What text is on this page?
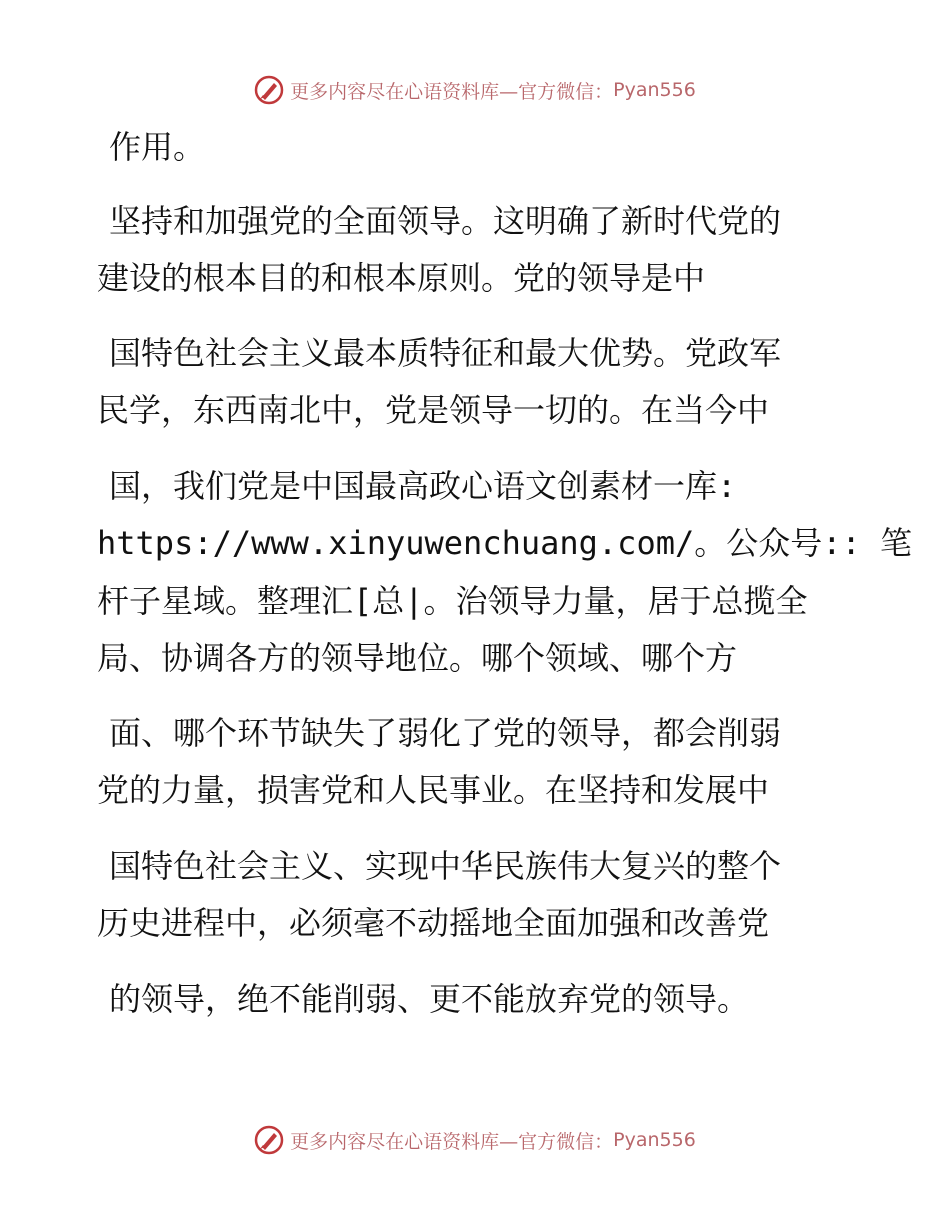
更多内容尽在心语资料库—官方微信： Pyan556
作用。
坚持和加强党的全面领导。这明确了新时代党的
建设的根本目的和根本原则。党的领导是中
国特色社会主义最本质特征和最大优势。党政军
民学，东西南北中，党是领导一切的。在当今中
国，我们党是中国最高政心语文创素材一库:
https://www.xinyuwenchuang.com/。公众号:: 笔
杆子星域。整理汇[总|。治领导力量，居于总揽全
局、协调各方的领导地位。哪个领域、哪个方
面、哪个环节缺失了弱化了党的领导，都会削弱
党的力量，损害党和人民事业。在坚持和发展中
国特色社会主义、实现中华民族伟大复兴的整个
历史进程中，必须毫不动摇地全面加强和改善党
的领导，绝不能削弱、更不能放弃党的领导。
更多内容尽在心语资料库—官方微信： Pyan556
